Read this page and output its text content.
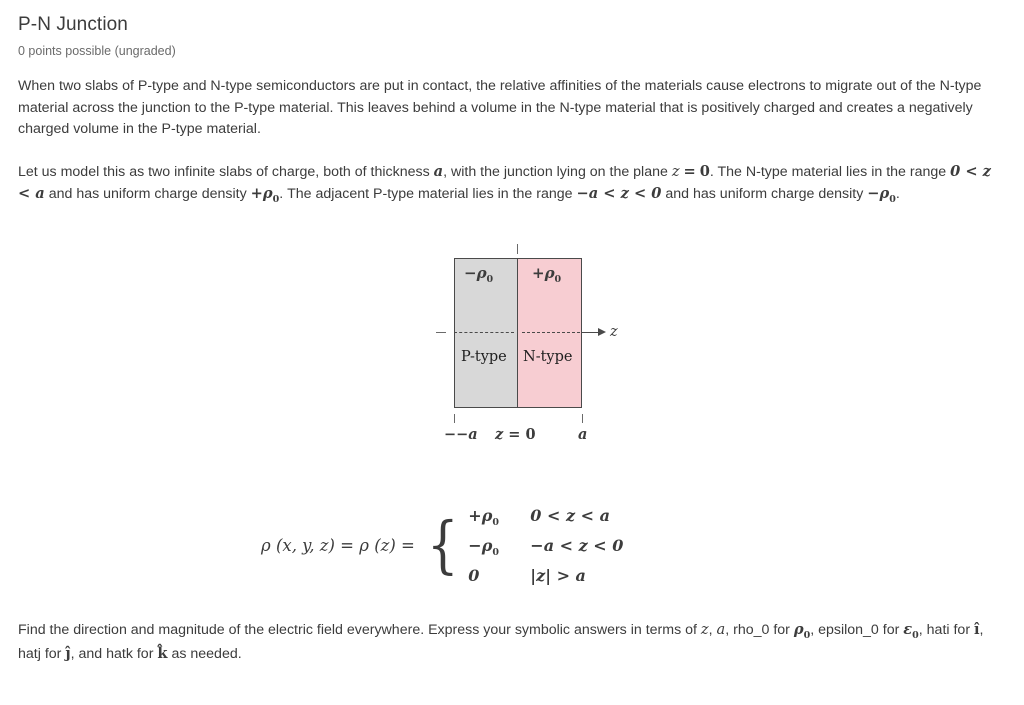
P-N Junction
0 points possible (ungraded)

When two slabs of P-type and N-type semiconductors are put in contact, the relative affinities of the materials cause electrons to migrate out of the N-type material across the junction to the P-type material. This leaves behind a volume in the N-type material that is positively charged and creates a negatively charged volume in the P-type material.

Let us model this as two infinite slabs of charge, both of thickness a, with the junction lying on the plane z = 0. The N-type material lies in the range 0 < z < a and has uniform charge density $+\rho_0$. The adjacent P-type material lies in the range −a < z < 0 and has uniform charge density $-\rho_0$.

$-\rho_0$	$+\rho_0$
z
P-type N-type
−−a z = 0	a
ρ (x, y, z) = ρ (z) = { $+\rho_0$	0 < z < a
$-\rho_0$	−a < z < 0
0	|z| > a

Find the direction and magnitude of the electric field everywhere. Express your symbolic answers in terms of z, a, rho_0 for $\rho_0$, epsilon_0 for $\varepsilon_0$, hati for î, hatj for ĵ, and hatk for k̂ as needed.
